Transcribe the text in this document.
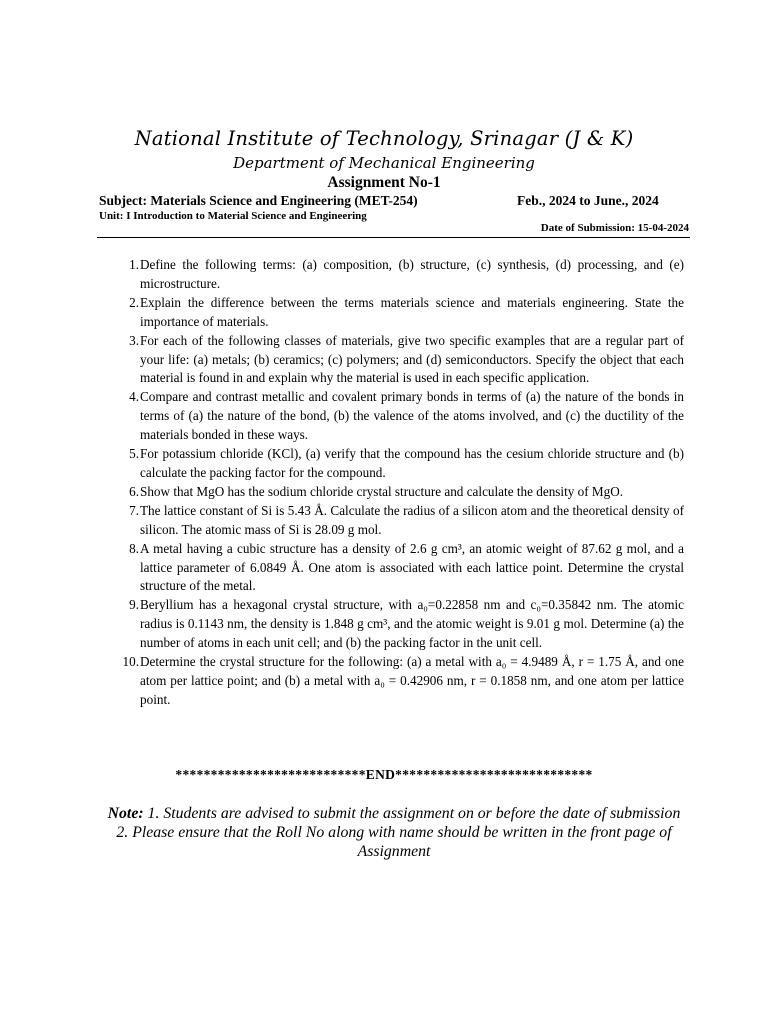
National Institute of Technology, Srinagar (J & K)
Department of Mechanical Engineering
Assignment No-1
Subject: Materials Science and Engineering (MET-254)	Feb., 2024 to June., 2024
Unit: I Introduction to Material Science and Engineering
Date of Submission: 15-04-2024
1. Define the following terms: (a) composition, (b) structure, (c) synthesis, (d) processing, and (e) microstructure.
2. Explain the difference between the terms materials science and materials engineering. State the importance of materials.
3. For each of the following classes of materials, give two specific examples that are a regular part of your life: (a) metals; (b) ceramics; (c) polymers; and (d) semiconductors. Specify the object that each material is found in and explain why the material is used in each specific application.
4. Compare and contrast metallic and covalent primary bonds in terms of (a) the nature of the bonds in terms of (a) the nature of the bond, (b) the valence of the atoms involved, and (c) the ductility of the materials bonded in these ways.
5. For potassium chloride (KCl), (a) verify that the compound has the cesium chloride structure and (b) calculate the packing factor for the compound.
6. Show that MgO has the sodium chloride crystal structure and calculate the density of MgO.
7. The lattice constant of Si is 5.43 Å. Calculate the radius of a silicon atom and the theoretical density of silicon. The atomic mass of Si is 28.09 g mol.
8. A metal having a cubic structure has a density of 2.6 g cm³, an atomic weight of 87.62 g mol, and a lattice parameter of 6.0849 Å. One atom is associated with each lattice point. Determine the crystal structure of the metal.
9. Beryllium has a hexagonal crystal structure, with a₀=0.22858 nm and c₀=0.35842 nm. The atomic radius is 0.1143 nm, the density is 1.848 g cm³, and the atomic weight is 9.01 g mol. Determine (a) the number of atoms in each unit cell; and (b) the packing factor in the unit cell.
10. Determine the crystal structure for the following: (a) a metal with a₀ = 4.9489 Å, r = 1.75 Å, and one atom per lattice point; and (b) a metal with a₀ = 0.42906 nm, r = 0.1858 nm, and one atom per lattice point.
***************************END****************************
Note: 1. Students are advised to submit the assignment on or before the date of submission
2. Please ensure that the Roll No along with name should be written in the front page of Assignment
